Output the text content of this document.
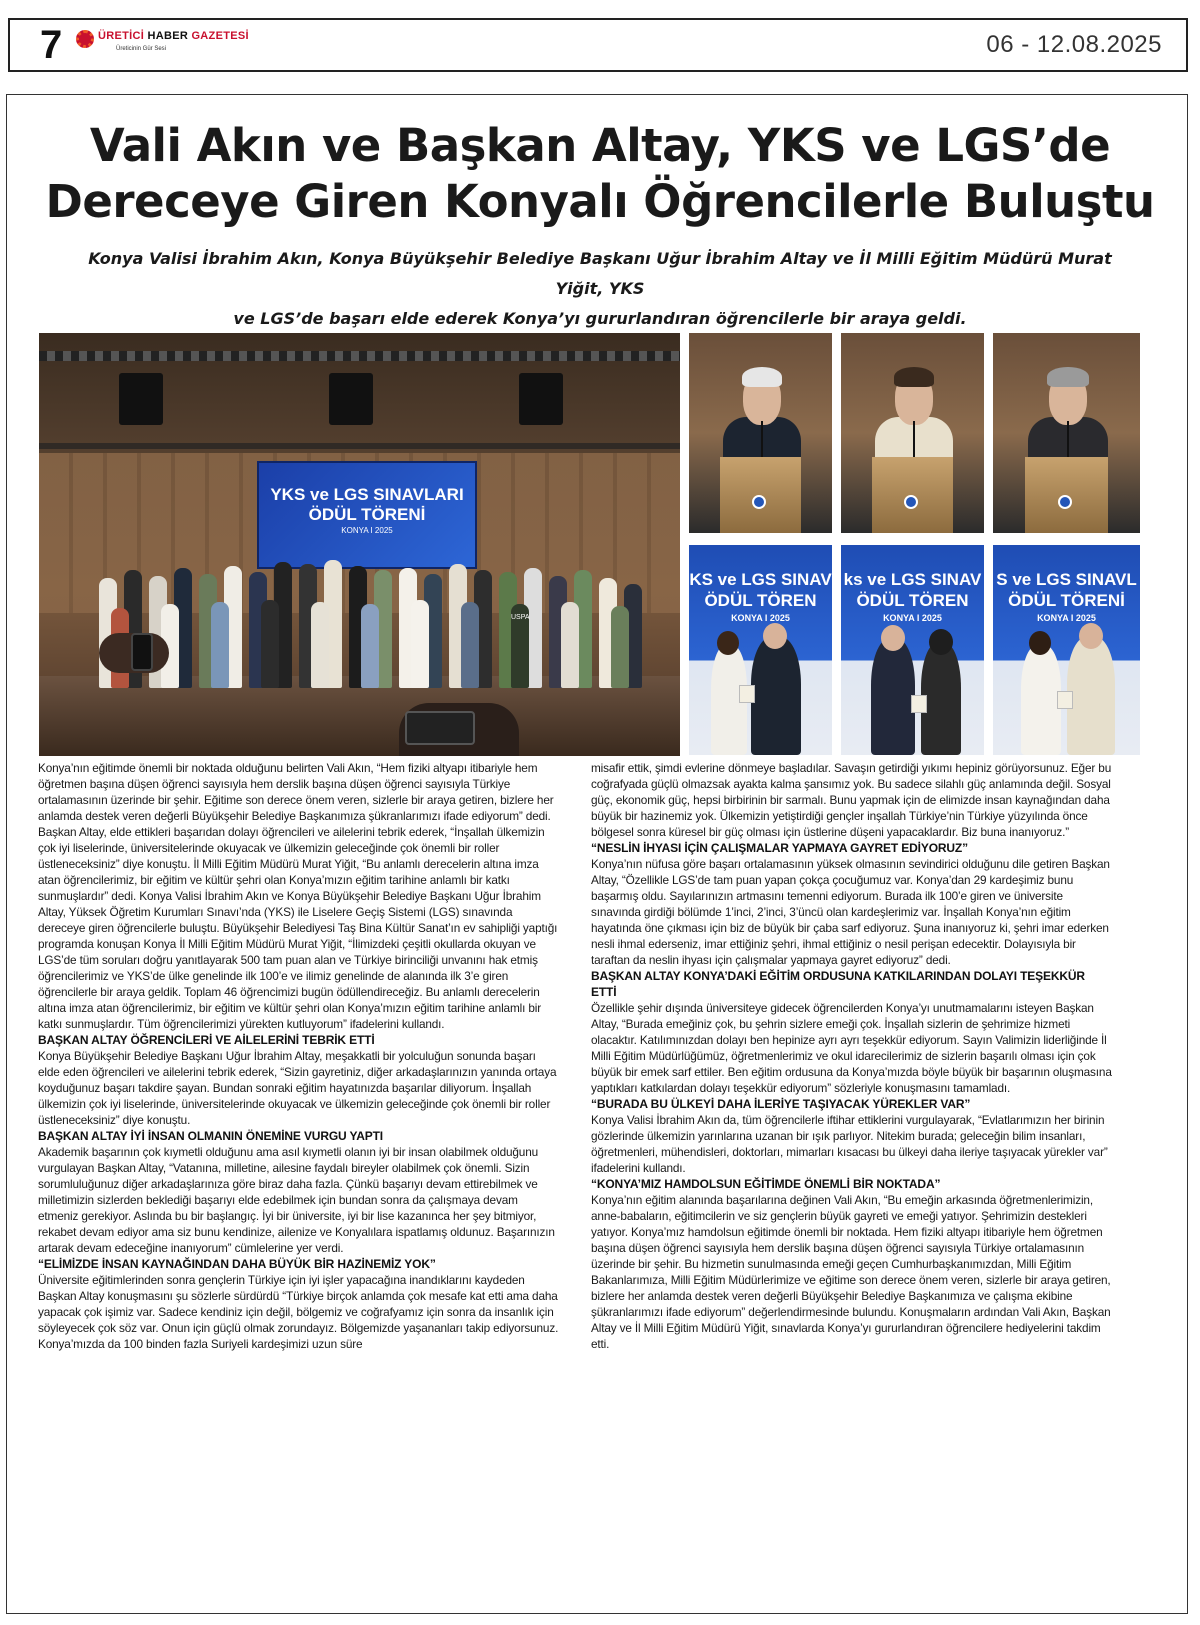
7	ÜRETİCİ HABER GAZETESİ
Üreticinin Gür Sesi	06 - 12.08.2025
Vali Akın ve Başkan Altay, YKS ve LGS’de
Dereceye Giren Konyalı Öğrencilerle Buluştu
Konya Valisi İbrahim Akın, Konya Büyükşehir Belediye Başkanı Uğur İbrahim Altay ve İl Milli Eğitim Müdürü Murat Yiğit, YKS
ve LGS’de başarı elde ederek Konya’yı gururlandıran öğrencilerle bir araya geldi.
YKS ve LGS SINAVLARI
ÖDÜL TÖRENİ
KONYA I 2025
USPA
KS ve LGS SINAV
ÖDÜL TÖREN
KONYA I 2025
ks ve LGS SINAV
ÖDÜL TÖREN
KONYA I 2025
S ve LGS SINAVL
ÖDÜL TÖRENİ
KONYA I 2025

Konya’nın eğitimde önemli bir noktada olduğunu belirten Vali Akın, “Hem fiziki altyapı itibariyle hem öğretmen başına düşen öğrenci sayısıyla hem derslik başına düşen öğrenci sayısıyla Türkiye ortalamasının üzerinde bir şehir. Eğitime son derece önem veren, sizlerle bir araya getiren, bizlere her anlamda destek veren değerli Büyükşehir Belediye Başkanımıza şükranlarımızı ifade ediyorum” dedi. Başkan Altay, elde ettikleri başarıdan dolayı öğrencileri ve ailelerini tebrik ederek, “İnşallah ülkemizin çok iyi liselerinde, üniversitelerinde okuyacak ve ülkemizin geleceğinde çok önemli bir roller üstleneceksiniz” diye konuştu. İl Milli Eğitim Müdürü Murat Yiğit, “Bu anlamlı derecelerin altına imza atan öğrencilerimiz, bir eğitim ve kültür şehri olan Konya’mızın eğitim tarihine anlamlı bir katkı sunmuşlardır” dedi. Konya Valisi İbrahim Akın ve Konya Büyükşehir Belediye Başkanı Uğur İbrahim Altay, Yüksek Öğretim Kurumları Sınavı’nda (YKS) ile Liselere Geçiş Sistemi (LGS) sınavında dereceye giren öğrencilerle buluştu. Büyükşehir Belediyesi Taş Bina Kültür Sanat’ın ev sahipliği yaptığı programda konuşan Konya İl Milli Eğitim Müdürü Murat Yiğit, “İlimizdeki çeşitli okullarda okuyan ve LGS’de tüm soruları doğru yanıtlayarak 500 tam puan alan ve Türkiye birinciliği unvanını hak etmiş öğrencilerimiz ve YKS’de ülke genelinde ilk 100’e ve ilimiz genelinde de alanında ilk 3’e giren öğrencilerle bir araya geldik. Toplam 46 öğrencimizi bugün ödüllendireceğiz. Bu anlamlı derecelerin altına imza atan öğrencilerimiz, bir eğitim ve kültür şehri olan Konya’mızın eğitim tarihine anlamlı bir katkı sunmuşlardır. Tüm öğrencilerimizi yürekten kutluyorum” ifadelerini kullandı.

BAŞKAN ALTAY ÖĞRENCİLERİ VE AİLELERİNİ TEBRİK ETTİ

Konya Büyükşehir Belediye Başkanı Uğur İbrahim Altay, meşakkatli bir yolculuğun sonunda başarı elde eden öğrencileri ve ailelerini tebrik ederek, “Sizin gayretiniz, diğer arkadaşlarınızın yanında ortaya koyduğunuz başarı takdire şayan. Bundan sonraki eğitim hayatınızda başarılar diliyorum. İnşallah ülkemizin çok iyi liselerinde, üniversitelerinde okuyacak ve ülkemizin geleceğinde çok önemli bir roller üstleneceksiniz” diye konuştu.

BAŞKAN ALTAY İYİ İNSAN OLMANIN ÖNEMİNE VURGU YAPTI

Akademik başarının çok kıymetli olduğunu ama asıl kıymetli olanın iyi bir insan olabilmek olduğunu vurgulayan Başkan Altay, “Vatanına, milletine, ailesine faydalı bireyler olabilmek çok önemli. Sizin sorumluluğunuz diğer arkadaşlarınıza göre biraz daha fazla. Çünkü başarıyı devam ettirebilmek ve milletimizin sizlerden beklediği başarıyı elde edebilmek için bundan sonra da çalışmaya devam etmeniz gerekiyor. Aslında bu bir başlangıç. İyi bir üniversite, iyi bir lise kazanınca her şey bitmiyor, rekabet devam ediyor ama siz bunu kendinize, ailenize ve Konyalılara ispatlamış oldunuz. Başarınızın artarak devam edeceğine inanıyorum” cümlelerine yer verdi.

“ELİMİZDE İNSAN KAYNAĞINDAN DAHA BÜYÜK BİR HAZİNEMİZ YOK”

Üniversite eğitimlerinden sonra gençlerin Türkiye için iyi işler yapacağına inandıklarını kaydeden Başkan Altay konuşmasını şu sözlerle sürdürdü “Türkiye birçok anlamda çok mesafe kat etti ama daha yapacak çok işimiz var. Sadece kendiniz için değil, bölgemiz ve coğrafyamız için sonra da insanlık için söyleyecek çok söz var. Onun için güçlü olmak zorundayız. Bölgemizde yaşananları takip ediyorsunuz. Konya’mızda da 100 binden fazla Suriyeli kardeşimizi uzun süre

misafir ettik, şimdi evlerine dönmeye başladılar. Savaşın getirdiği yıkımı hepiniz görüyorsunuz. Eğer bu coğrafyada güçlü olmazsak ayakta kalma şansımız yok. Bu sadece silahlı güç anlamında değil. Sosyal güç, ekonomik güç, hepsi birbirinin bir sarmalı. Bunu yapmak için de elimizde insan kaynağından daha büyük bir hazinemiz yok. Ülkemizin yetiştirdiği gençler inşallah Türkiye’nin Türkiye yüzyılında önce bölgesel sonra küresel bir güç olması için üstlerine düşeni yapacaklardır. Biz buna inanıyoruz.”

“NESLİN İHYASI İÇİN ÇALIŞMALAR YAPMAYA GAYRET EDİYORUZ”

Konya’nın nüfusa göre başarı ortalamasının yüksek olmasının sevindirici olduğunu dile getiren Başkan Altay, “Özellikle LGS’de tam puan yapan çokça çocuğumuz var. Konya’dan 29 kardeşimiz bunu başarmış oldu. Sayılarınızın artmasını temenni ediyorum. Burada ilk 100’e giren ve üniversite sınavında girdiği bölümde 1’inci, 2’inci, 3’üncü olan kardeşlerimiz var. İnşallah Konya’nın eğitim hayatında öne çıkması için biz de büyük bir çaba sarf ediyoruz. Şuna inanıyoruz ki, şehri imar ederken nesli ihmal ederseniz, imar ettiğiniz şehri, ihmal ettiğiniz o nesil perişan edecektir. Dolayısıyla bir taraftan da neslin ihyası için çalışmalar yapmaya gayret ediyoruz” dedi.

BAŞKAN ALTAY KONYA’DAKİ EĞİTİM ORDUSUNA KATKILARINDAN DOLAYI TEŞEKKÜR ETTİ

Özellikle şehir dışında üniversiteye gidecek öğrencilerden Konya’yı unutmamalarını isteyen Başkan Altay, “Burada emeğiniz çok, bu şehrin sizlere emeği çok. İnşallah sizlerin de şehrimize hizmeti olacaktır. Katılımınızdan dolayı ben hepinize ayrı ayrı teşekkür ediyorum. Sayın Valimizin liderliğinde İl Milli Eğitim Müdürlüğümüz, öğretmenlerimiz ve okul idarecilerimiz de sizlerin başarılı olması için çok büyük bir emek sarf ettiler. Ben eğitim ordusuna da Konya’mızda böyle büyük bir başarının oluşmasına yaptıkları katkılardan dolayı teşekkür ediyorum” sözleriyle konuşmasını tamamladı.

“BURADA BU ÜLKEYİ DAHA İLERİYE TAŞIYACAK YÜREKLER VAR”

Konya Valisi İbrahim Akın da, tüm öğrencilerle iftihar ettiklerini vurgulayarak, “Evlatlarımızın her birinin gözlerinde ülkemizin yarınlarına uzanan bir ışık parlıyor. Nitekim burada; geleceğin bilim insanları, öğretmenleri, mühendisleri, doktorları, mimarları kısacası bu ülkeyi daha ileriye taşıyacak yürekler var” ifadelerini kullandı.

“KONYA’MIZ HAMDOLSUN EĞİTİMDE ÖNEMLİ BİR NOKTADA”

Konya’nın eğitim alanında başarılarına değinen Vali Akın, “Bu emeğin arkasında öğretmenlerimizin, anne-babaların, eğitimcilerin ve siz gençlerin büyük gayreti ve emeği yatıyor. Şehrimizin destekleri yatıyor. Konya’mız hamdolsun eğitimde önemli bir noktada. Hem fiziki altyapı itibariyle hem öğretmen başına düşen öğrenci sayısıyla hem derslik başına düşen öğrenci sayısıyla Türkiye ortalamasının üzerinde bir şehir. Bu hizmetin sunulmasında emeği geçen Cumhurbaşkanımızdan, Milli Eğitim Bakanlarımıza, Milli Eğitim Müdürlerimize ve eğitime son derece önem veren, sizlerle bir araya getiren, bizlere her anlamda destek veren değerli Büyükşehir Belediye Başkanımıza ve çalışma ekibine şükranlarımızı ifade ediyorum” değerlendirmesinde bulundu. Konuşmaların ardından Vali Akın, Başkan Altay ve İl Milli Eğitim Müdürü Yiğit, sınavlarda Konya’yı gururlandıran öğrencilere hediyelerini takdim etti.
